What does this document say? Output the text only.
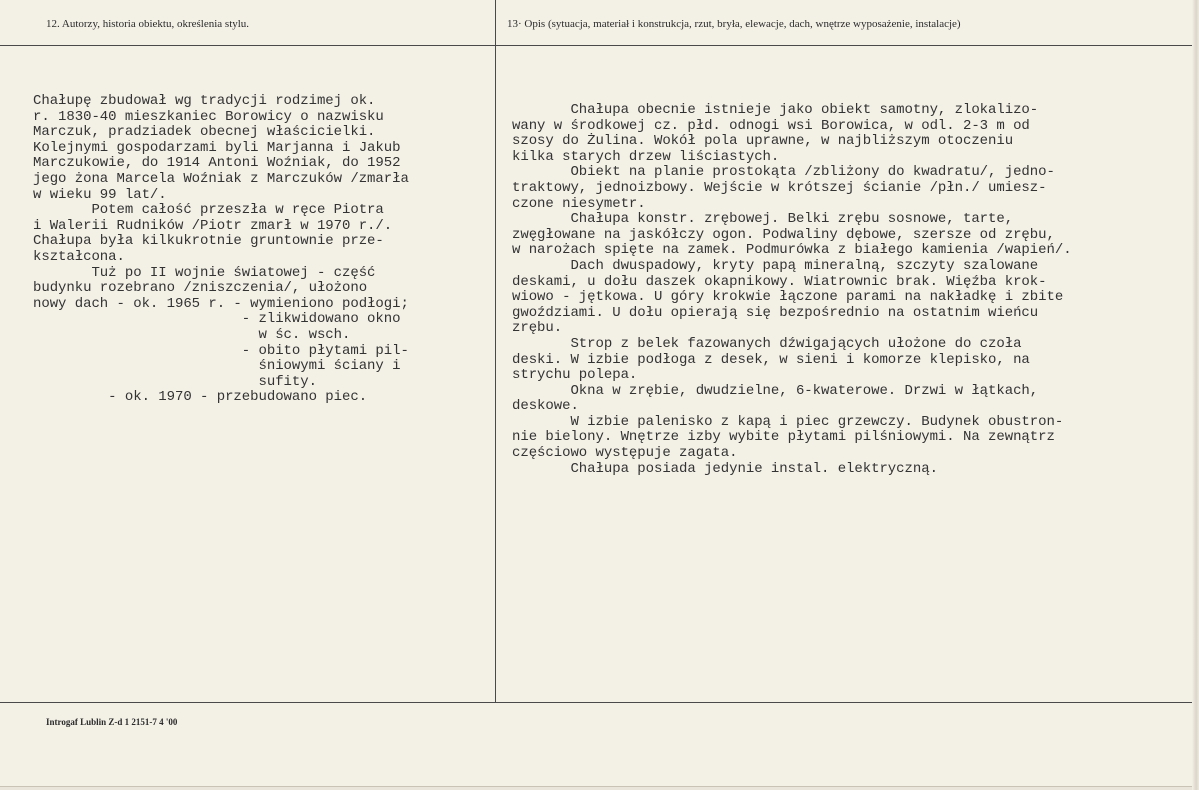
12. Autorzy, historia obiektu, określenia stylu.	13· Opis (sytuacja, materiał i konstrukcja, rzut, bryła, elewacje, dach, wnętrze wyposażenie, instalacje)
Chałupę zbudował wg tradycji rodzimej ok.
r. 1830-40 mieszkaniec Borowicy o nazwisku
Marczuk, pradziadek obecnej właścicielki.
Kolejnymi gospodarzami byli Marjanna i Jakub
Marczukowie, do 1914 Antoni Woźniak, do 1952
jego żona Marcela Woźniak z Marczuków /zmarła
w wieku 99 lat/.
Potem całość przeszła w ręce Piotra
i Walerii Rudników /Piotr zmarł w 1970 r./.
Chałupa była kilkukrotnie gruntownie prze-
kształcona.
Tuż po II wojnie światowej - część
budynku rozebrano /zniszczenia/, ułożono
nowy dach - ok. 1965 r. - wymieniono podłogi;
- zlikwidowano okno
w śc. wsch.
- obito płytami pil-
śniowymi ściany i
sufity.
- ok. 1970 - przebudowano piec.
Chałupa obecnie istnieje jako obiekt samotny, zlokalizo-
wany w środkowej cz. płd. odnogi wsi Borowica, w odl. 2-3 m od
szosy do Żulina. Wokół pola uprawne, w najbliższym otoczeniu
kilka starych drzew liściastych.
Obiekt na planie prostokąta /zbliżony do kwadratu/, jedno-
traktowy, jednoizbowy. Wejście w krótszej ścianie /płn./ umiesz-
czone niesymetr.
Chałupa konstr. zrębowej. Belki zrębu sosnowe, tarte,
zwęgłowane na jaskółczy ogon. Podwaliny dębowe, szersze od zrębu,
w narożach spięte na zamek. Podmurówka z białego kamienia /wapień/.
Dach dwuspadowy, kryty papą mineralną, szczyty szalowane
deskami, u dołu daszek okapnikowy. Wiatrownic brak. Więźba krok-
wiowo - jętkowa. U góry krokwie łączone parami na nakładkę i zbite
gwoździami. U dołu opierają się bezpośrednio na ostatnim wieńcu
zrębu.
Strop z belek fazowanych dźwigających ułożone do czoła
deski. W izbie podłoga z desek, w sieni i komorze klepisko, na
strychu polepa.
Okna w zrębie, dwudzielne, 6-kwaterowe. Drzwi w łątkach,
deskowe.
W izbie palenisko z kapą i piec grzewczy. Budynek obustron-
nie bielony. Wnętrze izby wybite płytami pilśniowymi. Na zewnątrz
częściowo występuje zagata.
Chałupa posiada jedynie instal. elektryczną.
Introgaf Lublin Z-d 1 2151-7 4 '00
